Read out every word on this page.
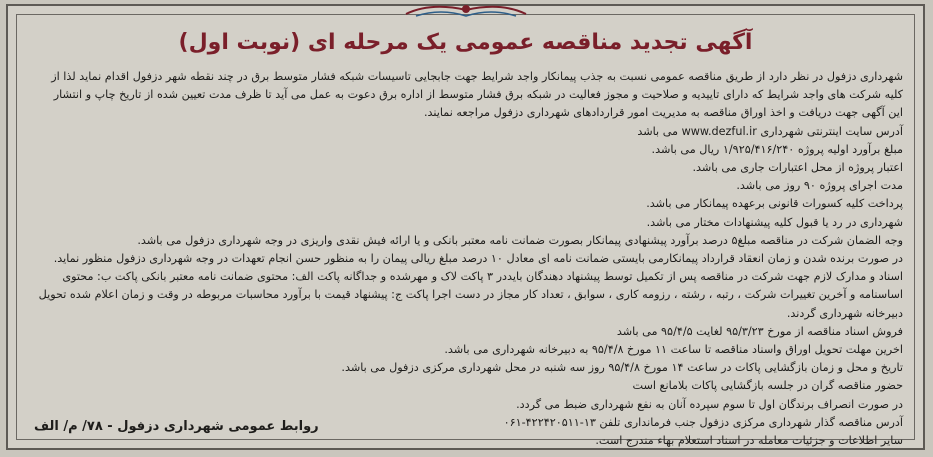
آگهی تجدید مناقصه عمومی یک مرحله ای (نوبت اول)

شهرداری دزفول در نظر دارد از طریق مناقصه عمومی نسبت به جذب پیمانکار واجد شرایط جهت جابجایی تاسیسات شبکه فشار متوسط برق در چند نقطه شهر دزفول اقدام نماید لذا از کلیه شرکت های واجد شرایط که دارای تاییدیه و صلاحیت و مجوز فعالیت در شبکه برق فشار متوسط از اداره برق دعوت به عمل می آید تا ظرف مدت تعیین شده از تاریخ چاپ و انتشار این آگهی جهت دریافت و اخذ اوراق مناقصه به مدیریت امور قراردادهای شهرداری دزفول مراجعه نمایند.

آدرس سایت اینترنتی شهرداری www.dezful.ir می باشد

مبلغ برآورد اولیه پروژه ۱/۹۲۵/۴۱۶/۲۴۰ ریال می باشد.

اعتبار پروژه از محل اعتبارات جاری می باشد.

مدت اجرای پروژه ۹۰ روز می باشد.

پرداخت کلیه کسورات قانونی برعهده پیمانکار می باشد.

شهرداری در رد یا قبول کلیه پیشنهادات مختار می باشد.

وجه الضمان شرکت در مناقصه مبلغ۵ درصد برآورد پیشنهادی پیمانکار بصورت ضمانت نامه معتبر بانکی و یا ارائه فیش نقدی واریزی در وجه شهرداری دزفول می باشد.

در صورت برنده شدن و زمان انعقاد قرارداد پیمانکارمی بایستی ضمانت نامه ای معادل ۱۰ درصد مبلغ ریالی پیمان را به منظور حسن انجام تعهدات در وجه شهرداری دزفول منظور نماید.

اسناد و مدارک لازم جهت شرکت در مناقصه پس از تکمیل توسط پیشنهاد دهندگان بایددر ۳ پاکت لاک و مهرشده و جداگانه پاکت الف: محتوی ضمانت نامه معتبر بانکی پاکت ب: محتوی اساسنامه و آخرین تغییرات شرکت ، رتبه ، رشته ، رزومه کاری ، سوابق ، تعداد کار مجاز در دست اجرا پاکت ج: پیشنهاد قیمت با برآورد محاسبات مربوطه در وقت و زمان اعلام شده تحویل دبیرخانه شهرداری گردند.

فروش اسناد مناقصه از مورخ ۹۵/۳/۲۳ لغایت ۹۵/۴/۵ می باشد

اخرین مهلت تحویل اوراق واسناد مناقصه تا ساعت ۱۱ مورخ ۹۵/۴/۸ به دبیرخانه شهرداری می باشد.

تاریخ و محل و زمان بازگشایی پاکات در ساعت ۱۴ مورخ ۹۵/۴/۸ روز سه شنبه در محل شهرداری مرکزی دزفول می باشد.

حضور مناقصه گران در جلسه بازگشایی پاکات بلامانع است

در صورت انصراف برندگان اول تا سوم سپرده آنان به نفع شهرداری ضبط می گردد.

آدرس مناقصه گذار شهرداری مرکزی دزفول جنب فرمانداری تلفن ۱۳-۴۲۲۴۲۰۵۱۱-۰۶۱

سایر اطلاعات و جزئیات معامله در اسناد استعلام بهاء مندرج است.

روابط عمومی شهرداری دزفول - ۷۸/ م/ الف
